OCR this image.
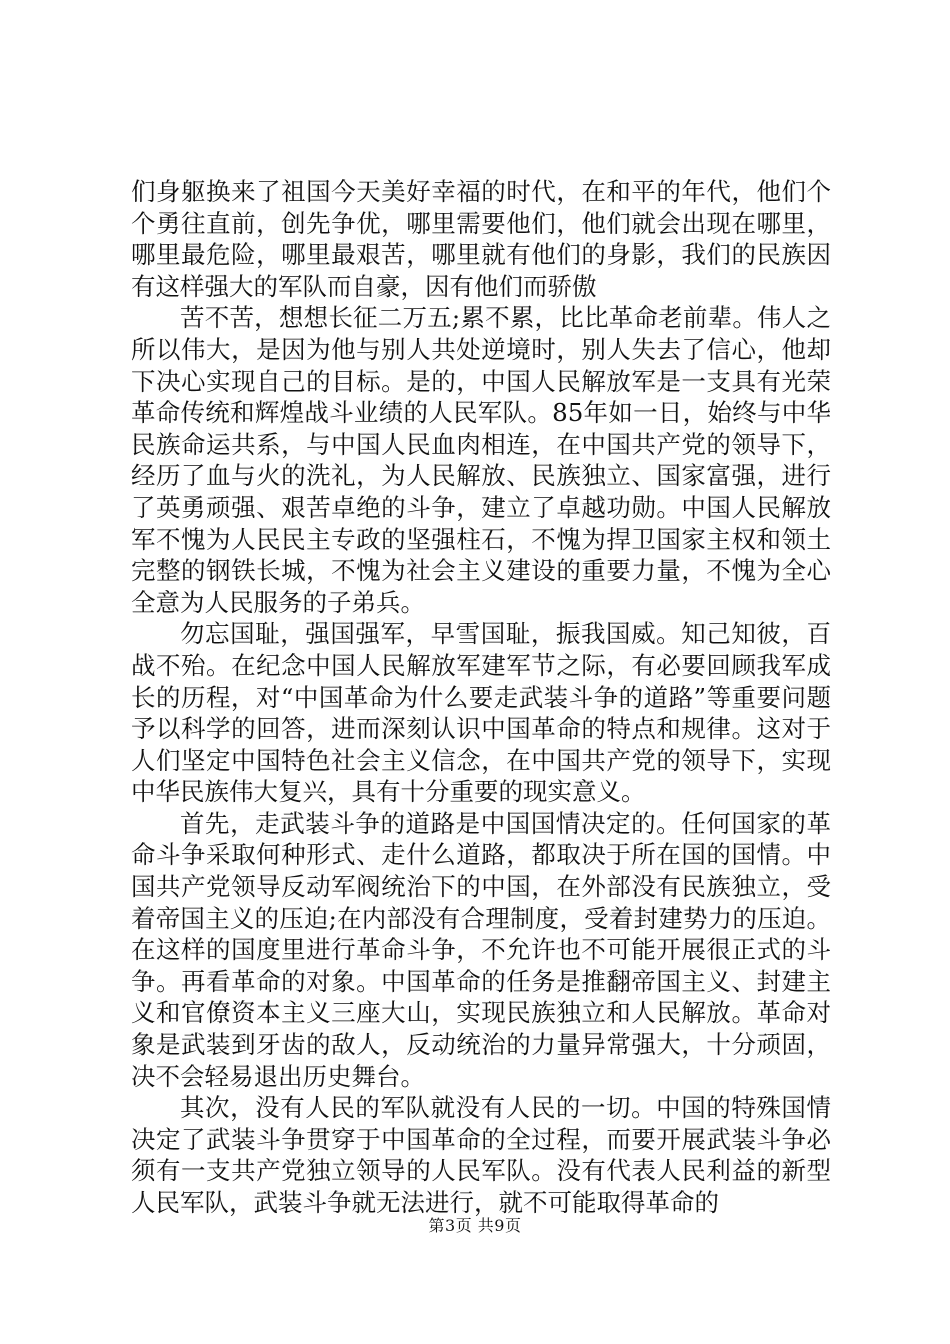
们身躯换来了祖国今天美好幸福的时代，在和平的年代，他们个个勇往直前，创先争优，哪里需要他们，他们就会出现在哪里，哪里最危险，哪里最艰苦，哪里就有他们的身影，我们的民族因有这样强大的军队而自豪，因有他们而骄傲

苦不苦，想想长征二万五;累不累，比比革命老前辈。伟人之所以伟大，是因为他与别人共处逆境时，别人失去了信心，他却下决心实现自己的目标。是的，中国人民解放军是一支具有光荣革命传统和辉煌战斗业绩的人民军队。85年如一日，始终与中华民族命运共系，与中国人民血肉相连，在中国共产党的领导下，经历了血与火的洗礼，为人民解放、民族独立、国家富强，进行了英勇顽强、艰苦卓绝的斗争，建立了卓越功勋。中国人民解放军不愧为人民民主专政的坚强柱石，不愧为捍卫国家主权和领土完整的钢铁长城，不愧为社会主义建设的重要力量，不愧为全心全意为人民服务的子弟兵。

勿忘国耻，强国强军，早雪国耻，振我国威。知己知彼，百战不殆。在纪念中国人民解放军建军节之际，有必要回顾我军成长的历程，对“中国革命为什么要走武装斗争的道路”等重要问题予以科学的回答，进而深刻认识中国革命的特点和规律。这对于人们坚定中国特色社会主义信念，在中国共产党的领导下，实现中华民族伟大复兴，具有十分重要的现实意义。

首先，走武装斗争的道路是中国国情决定的。任何国家的革命斗争采取何种形式、走什么道路，都取决于所在国的国情。中国共产党领导反动军阀统治下的中国，在外部没有民族独立，受着帝国主义的压迫;在内部没有合理制度，受着封建势力的压迫。在这样的国度里进行革命斗争，不允许也不可能开展很正式的斗争。再看革命的对象。中国革命的任务是推翻帝国主义、封建主义和官僚资本主义三座大山，实现民族独立和人民解放。革命对象是武装到牙齿的敌人，反动统治的力量异常强大，十分顽固，决不会轻易退出历史舞台。

其次，没有人民的军队就没有人民的一切。中国的特殊国情决定了武装斗争贯穿于中国革命的全过程，而要开展武装斗争必须有一支共产党独立领导的人民军队。没有代表人民利益的新型人民军队，武装斗争就无法进行，就不可能取得革命的

第3页 共9页
